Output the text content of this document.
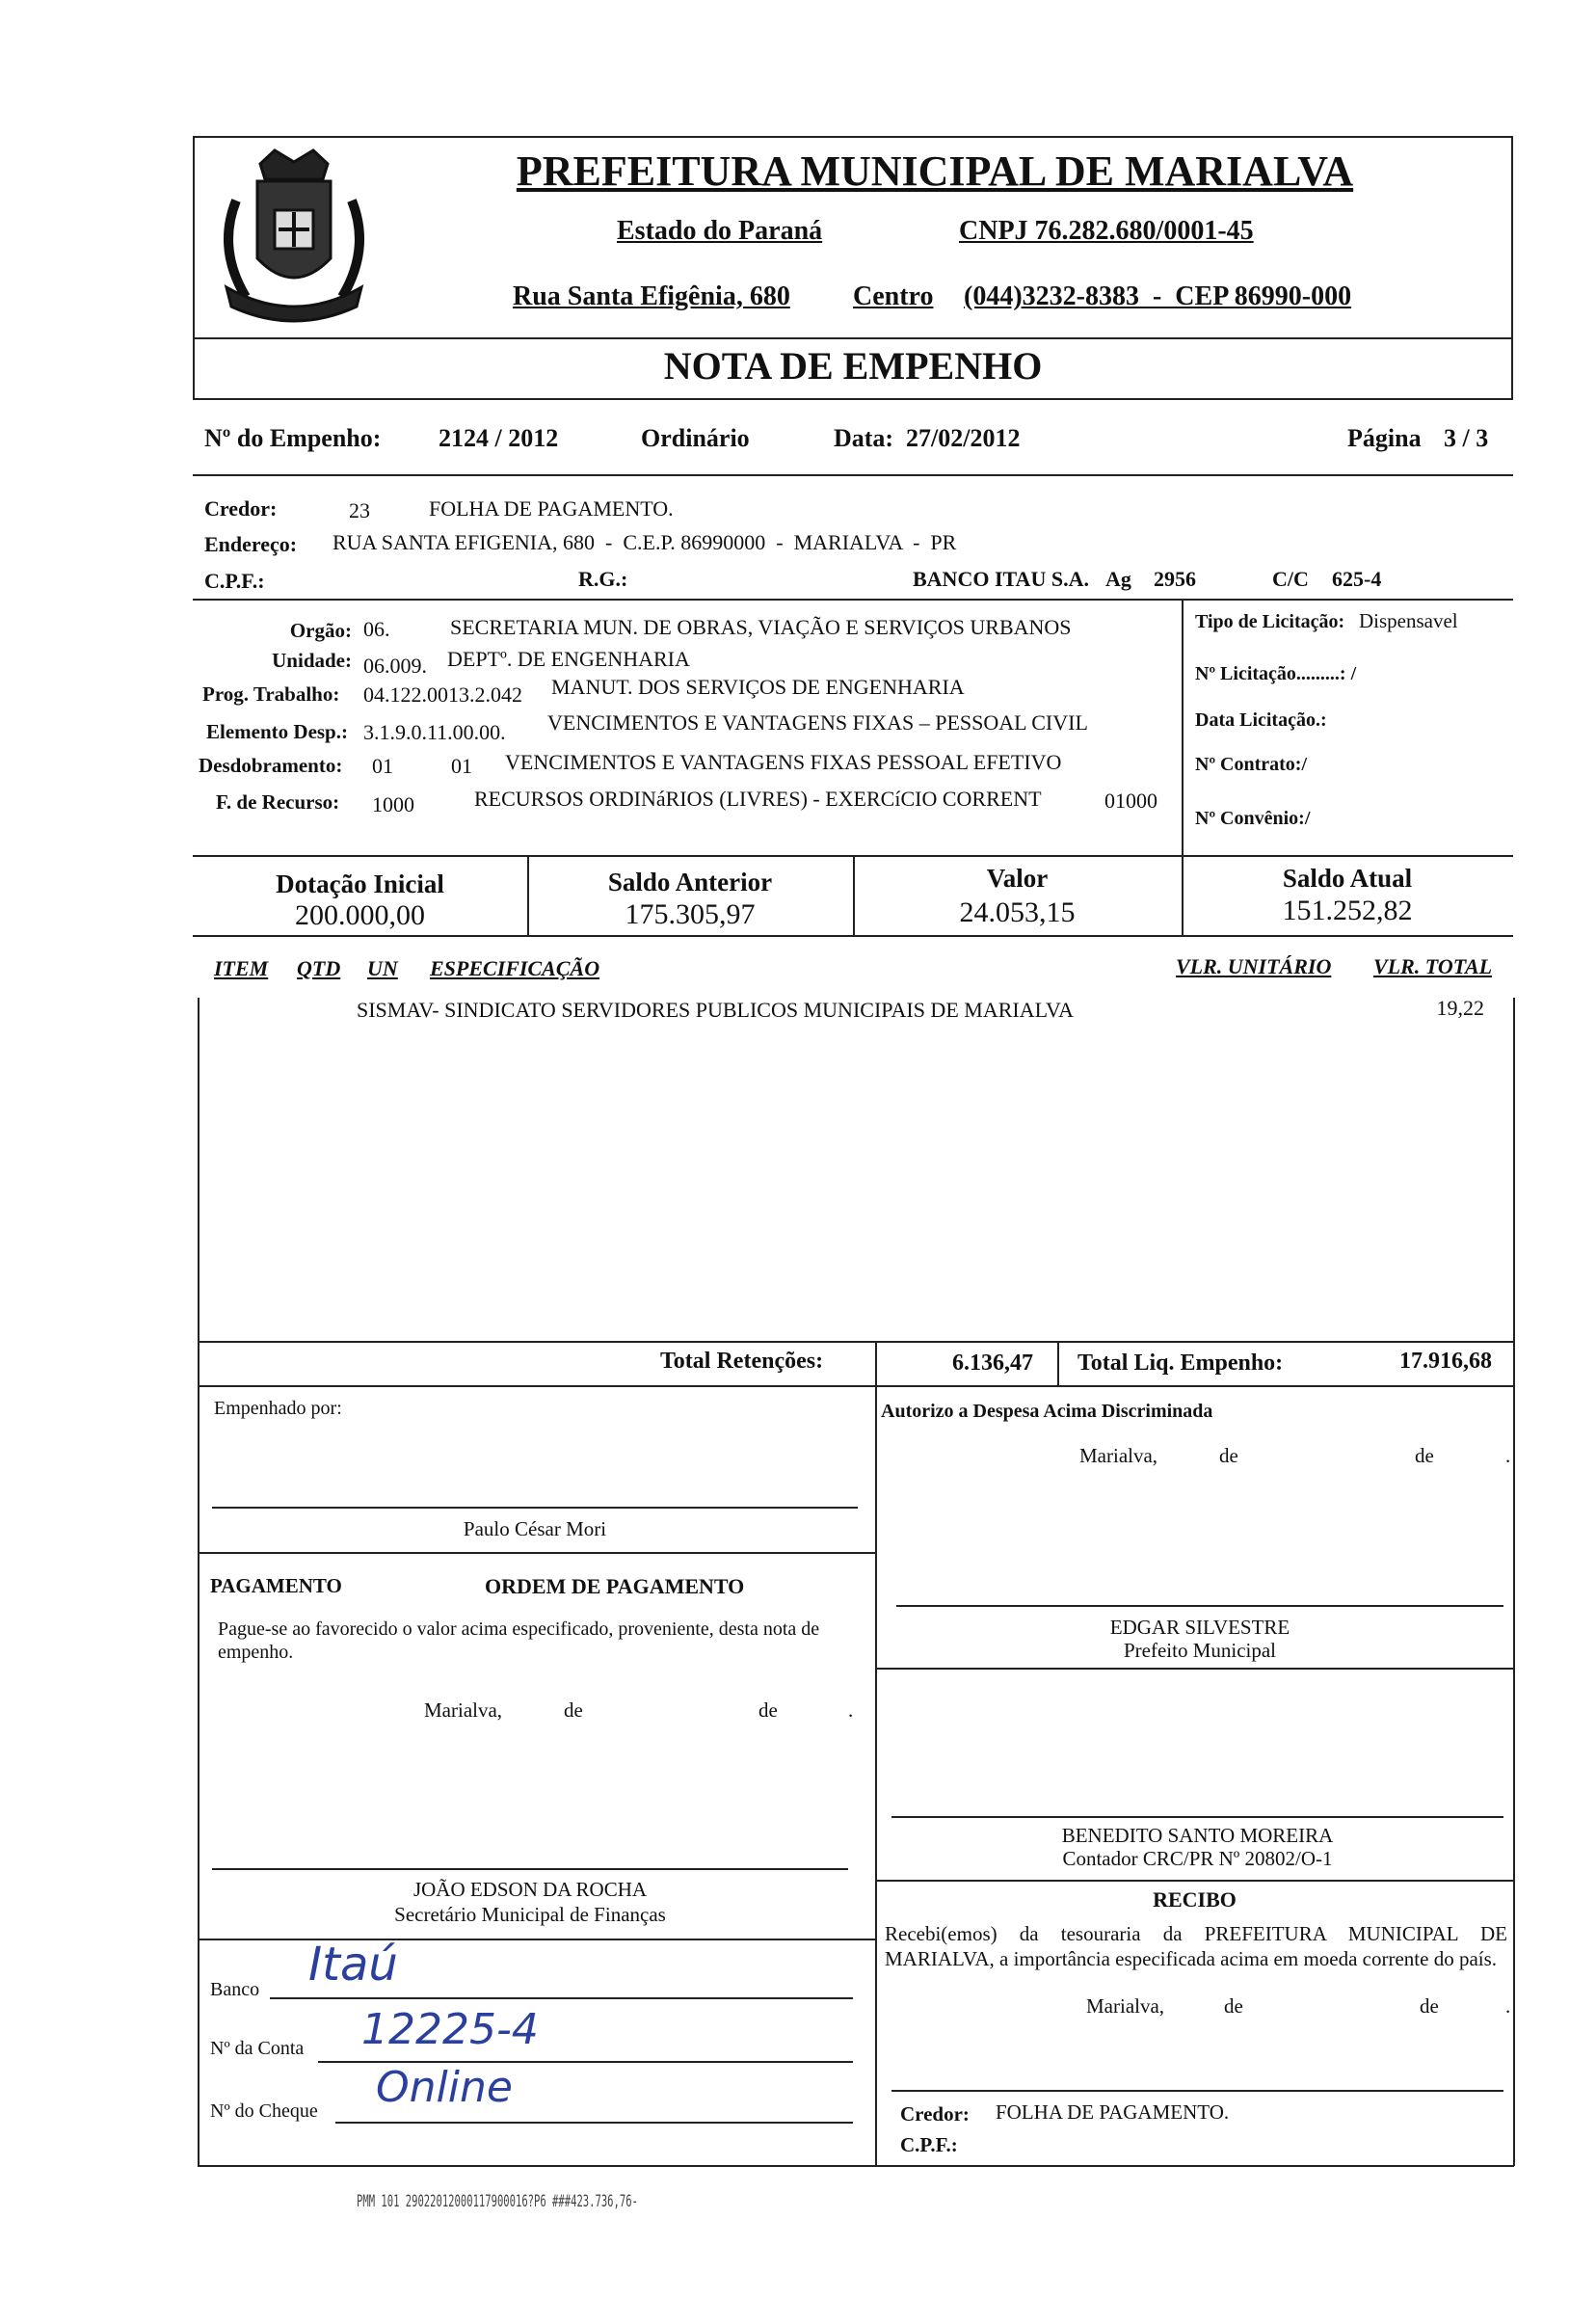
PREFEITURA MUNICIPAL DE MARIALVA
Estado do Paraná	CNPJ 76.282.680/0001-45
Rua Santa Efigênia, 680 Centro (044)3232-8383  -  CEP 86990-000
NOTA DE EMPENHO
Nº do Empenho: 2124 / 2012	Ordinário	Data: 27/02/2012	Página 3 / 3
Credor:	23	FOLHA DE PAGAMENTO.
Endereço: RUA SANTA EFIGENIA, 680  -  C.E.P. 86990000  -  MARIALVA  -  PR
C.P.F.:	R.G.:	BANCO ITAU S.A. Ag 2956	C/C 625-4
Orgão: 06.	SECRETARIA MUN. DE OBRAS, VIAÇÃO E SERVIÇOS URBANOS
Unidade: 06.009. DEPTº. DE ENGENHARIA
Prog. Trabalho: 04.122.0013.2.042 MANUT. DOS SERVIÇOS DE ENGENHARIA
Elemento Desp.: 3.1.9.0.11.00.00. VENCIMENTOS E VANTAGENS FIXAS – PESSOAL CIVIL
Desdobramento: 01	01 VENCIMENTOS E VANTAGENS FIXAS PESSOAL EFETIVO
F. de Recurso: 1000	RECURSOS ORDINáRIOS (LIVRES) - EXERCíCIO CORRENT	01000
Tipo de Licitação: Dispensavel
Nº Licitação.........: /
Data Licitação.:
Nº Contrato:/
Nº Convênio:/
Dotação Inicial
200.000,00
Saldo Anterior
175.305,97
Valor
24.053,15
Saldo Atual
151.252,82
ITEM QTD UN ESPECIFICAÇÃO	VLR. UNITÁRIO VLR. TOTAL
SISMAV- SINDICATO SERVIDORES PUBLICOS MUNICIPAIS DE MARIALVA	19,22
Total Retenções:	6.136,47 Total Liq. Empenho:	17.916,68
Empenhado por:
Paulo César Mori
PAGAMENTO	ORDEM DE PAGAMENTO
Pague-se ao favorecido o valor acima especificado, proveniente, desta nota de empenho.
Marialva,	de	de	.
JOÃO EDSON DA ROCHA
Secretário Municipal de Finanças
Banco Itaú
Nº da Conta 12225-4
Nº do Cheque Online
Autorizo a Despesa Acima Discriminada
Marialva,	de	de	.
EDGAR SILVESTRE
Prefeito Municipal
BENEDITO SANTO MOREIRA
Contador CRC/PR Nº 20802/O-1
RECIBO
Recebi(emos) da tesouraria da PREFEITURA MUNICIPAL DE MARIALVA, a importância especificada acima em moeda corrente do país.
Marialva,	de	de	.
Credor: FOLHA DE PAGAMENTO.
C.P.F.:
PMM 101 29022012000117900016?P6 ###423.736,76-
